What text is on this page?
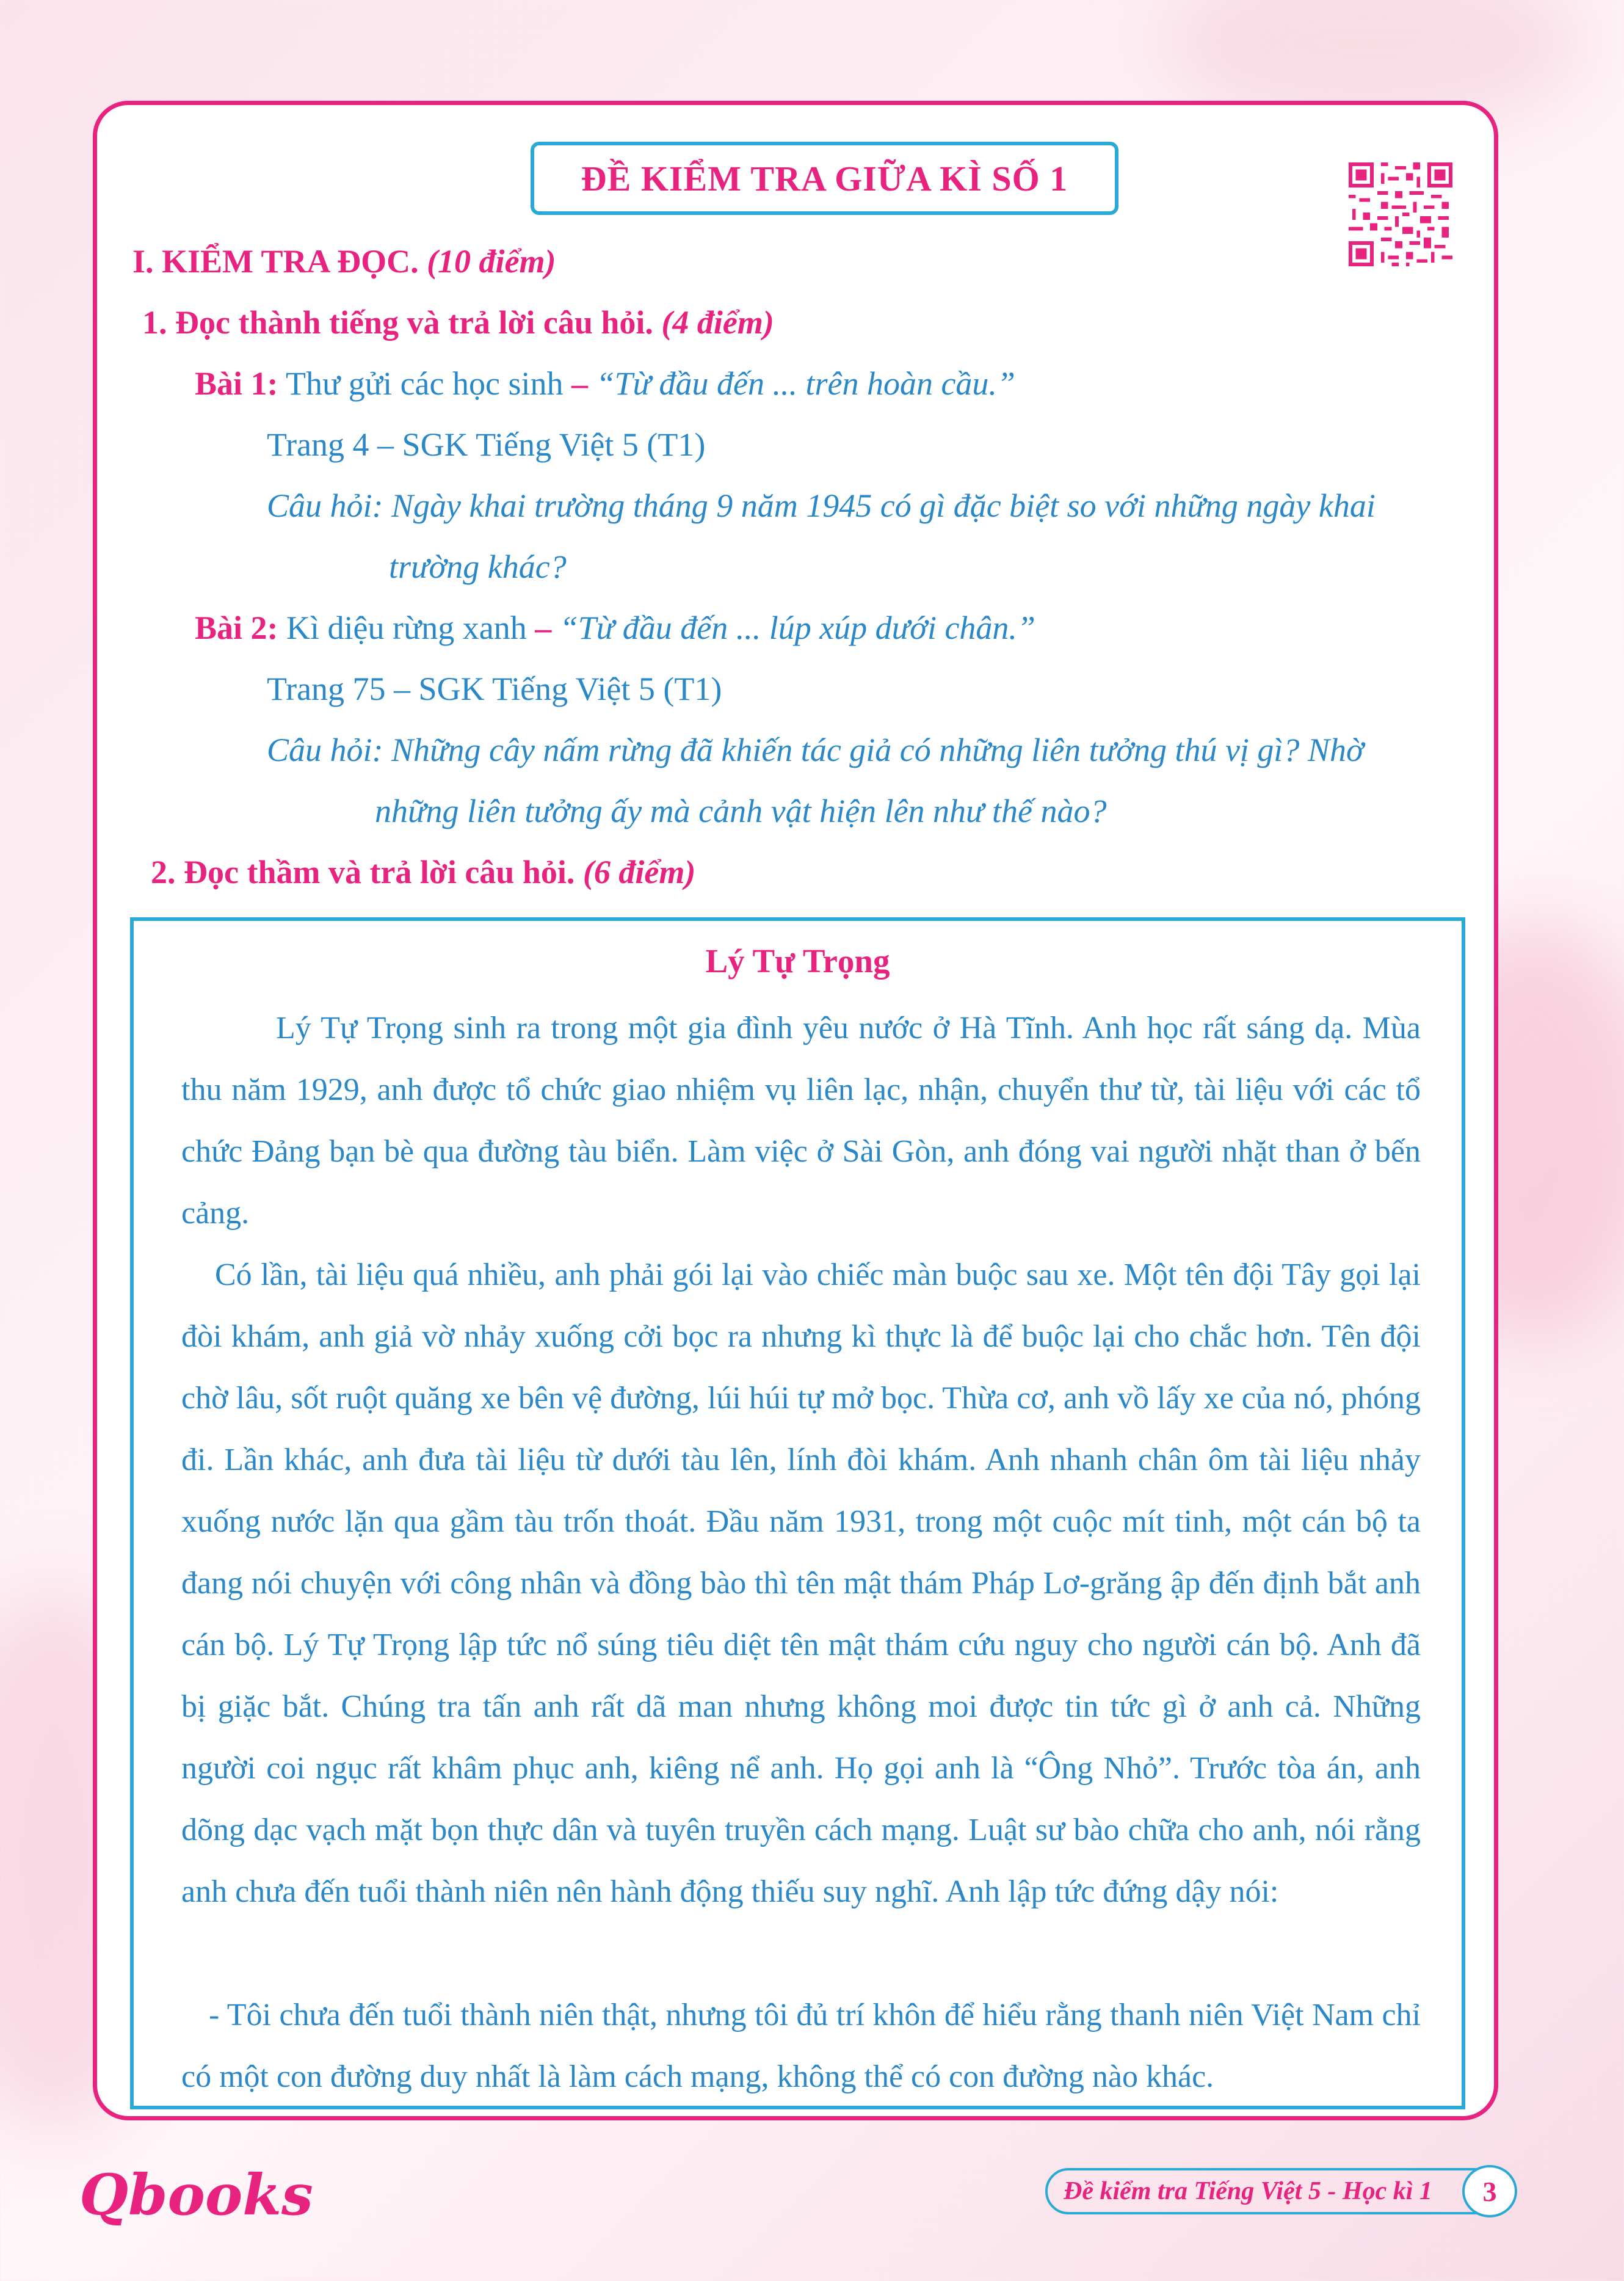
ĐỀ KIỂM TRA GIỮA KÌ SỐ 1
I. KIỂM TRA ĐỌC. (10 điểm)
1. Đọc thành tiếng và trả lời câu hỏi. (4 điểm)
Bài 1: Thư gửi các học sinh – “Từ đầu đến ... trên hoàn cầu.”
Trang 4 – SGK Tiếng Việt 5 (T1)
Câu hỏi: Ngày khai trường tháng 9 năm 1945 có gì đặc biệt so với những ngày khai
trường khác?
Bài 2: Kì diệu rừng xanh – “Từ đầu đến ... lúp xúp dưới chân.”
Trang 75 – SGK Tiếng Việt 5 (T1)
Câu hỏi: Những cây nấm rừng đã khiến tác giả có những liên tưởng thú vị gì? Nhờ
những liên tưởng ấy mà cảnh vật hiện lên như thế nào?
2. Đọc thầm và trả lời câu hỏi. (6 điểm)
Lý Tự Trọng
Lý Tự Trọng sinh ra trong một gia đình yêu nước ở Hà Tĩnh. Anh học rất sáng dạ. Mùa thu năm 1929, anh được tổ chức giao nhiệm vụ liên lạc, nhận, chuyển thư từ, tài liệu với các tổ chức Đảng bạn bè qua đường tàu biển. Làm việc ở Sài Gòn, anh đóng vai người nhặt than ở bến cảng.
Có lần, tài liệu quá nhiều, anh phải gói lại vào chiếc màn buộc sau xe. Một tên đội Tây gọi lại đòi khám, anh giả vờ nhảy xuống cởi bọc ra nhưng kì thực là để buộc lại cho chắc hơn. Tên đội chờ lâu, sốt ruột quăng xe bên vệ đường, lúi húi tự mở bọc. Thừa cơ, anh vồ lấy xe của nó, phóng đi. Lần khác, anh đưa tài liệu từ dưới tàu lên, lính đòi khám. Anh nhanh chân ôm tài liệu nhảy xuống nước lặn qua gầm tàu trốn thoát. Đầu năm 1931, trong một cuộc mít tinh, một cán bộ ta đang nói chuyện với công nhân và đồng bào thì tên mật thám Pháp Lơ-grăng ập đến định bắt anh cán bộ. Lý Tự Trọng lập tức nổ súng tiêu diệt tên mật thám cứu nguy cho người cán bộ. Anh đã bị giặc bắt. Chúng tra tấn anh rất dã man nhưng không moi được tin tức gì ở anh cả. Những người coi ngục rất khâm phục anh, kiêng nể anh. Họ gọi anh là “Ông Nhỏ”. Trước tòa án, anh dõng dạc vạch mặt bọn thực dân và tuyên truyền cách mạng. Luật sư bào chữa cho anh, nói rằng anh chưa đến tuổi thành niên nên hành động thiếu suy nghĩ. Anh lập tức đứng dậy nói:
- Tôi chưa đến tuổi thành niên thật, nhưng tôi đủ trí khôn để hiểu rằng thanh niên Việt Nam chỉ có một con đường duy nhất là làm cách mạng, không thể có con đường nào khác.
Qbooks	Đề kiểm tra Tiếng Việt 5 - Học kì 1	3
